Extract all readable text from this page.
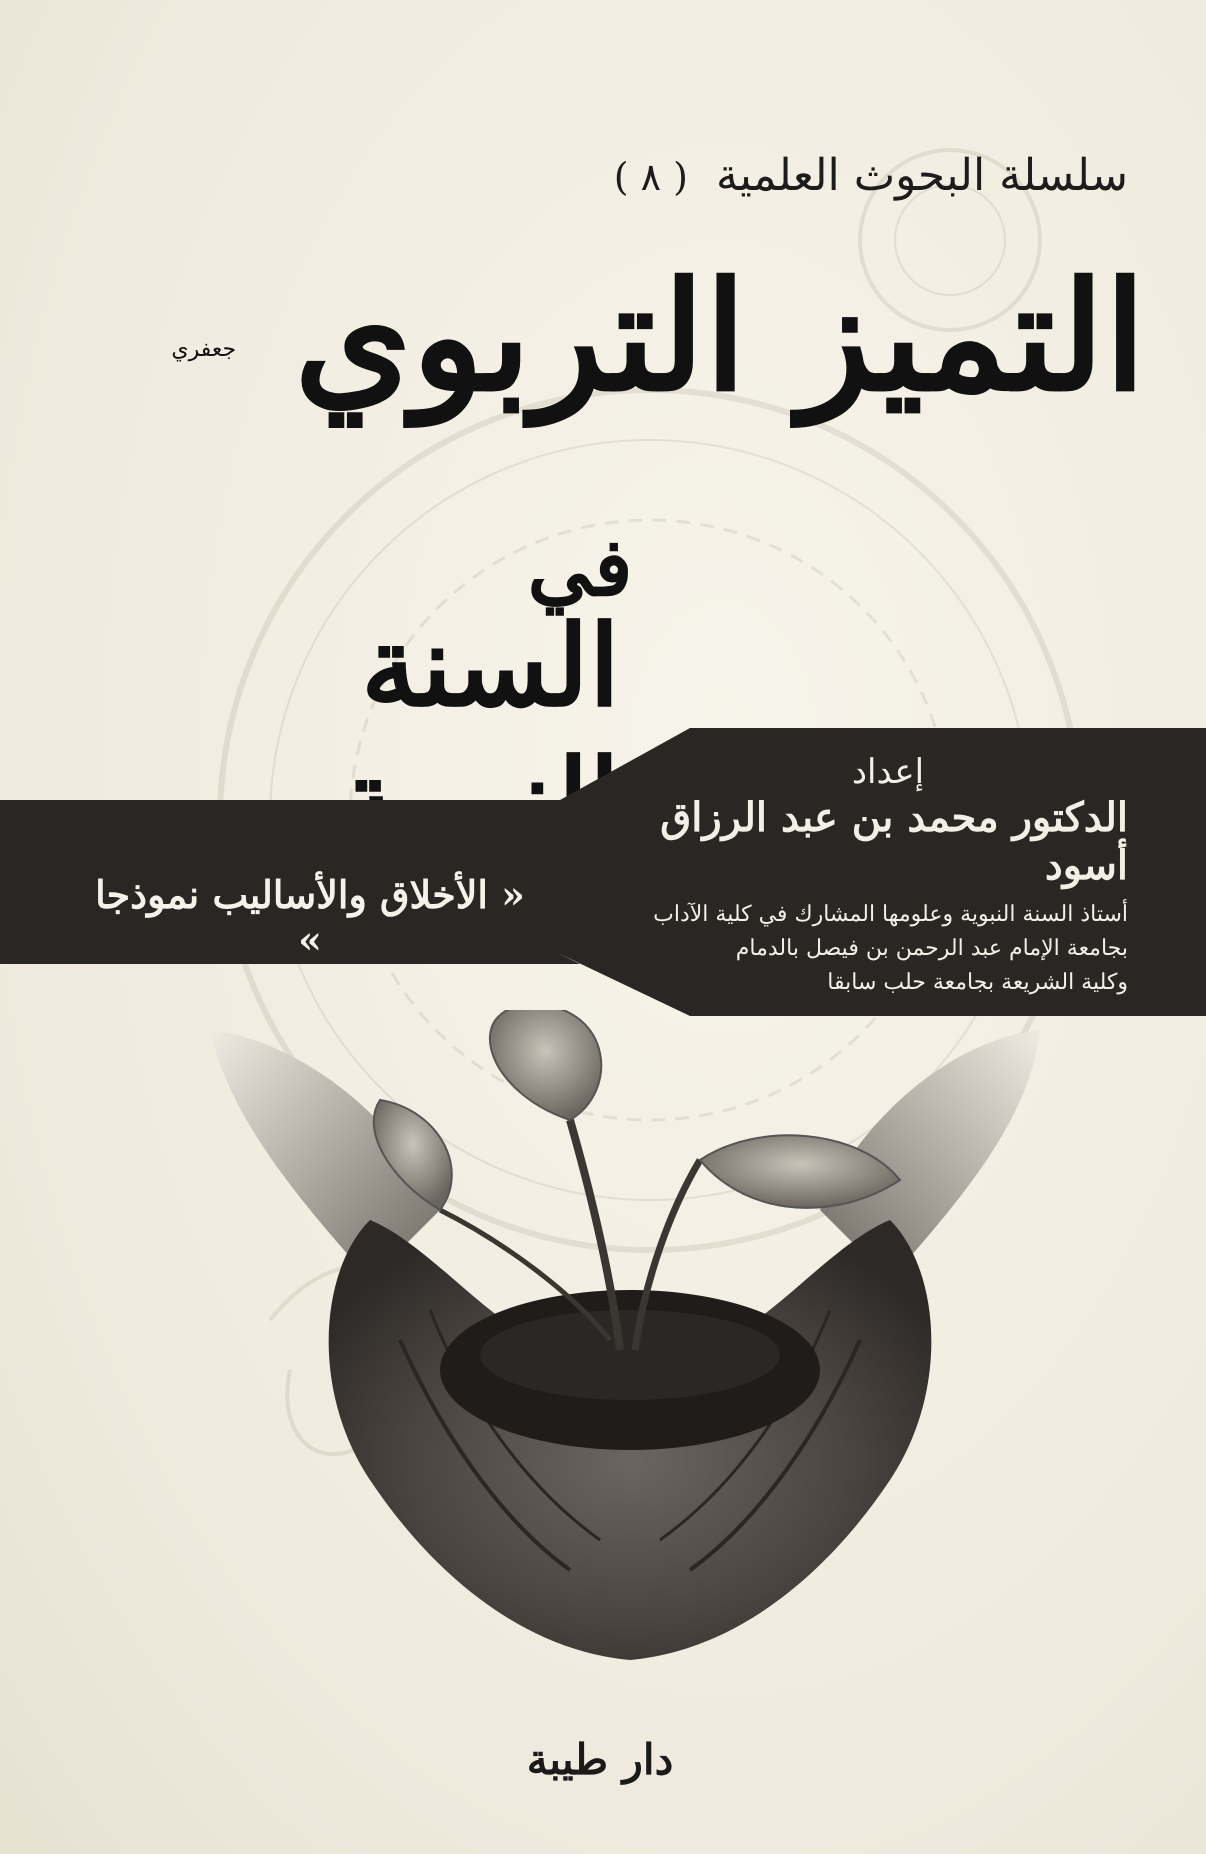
سلسلة البحوث العلمية ( ٨ )
التميز التربوي جعفري
في
السنة
إعداد
الدكتور محمد بن عبد الرزاق أسود
أستاذ السنة النبوية وعلومها المشارك في كلية الآداب
بجامعة الإمام عبد الرحمن بن فيصل بالدمام
وكلية الشريعة بجامعة حلب سابقا
« الأخلاق والأساليب نموذجا »
دار طيبة
